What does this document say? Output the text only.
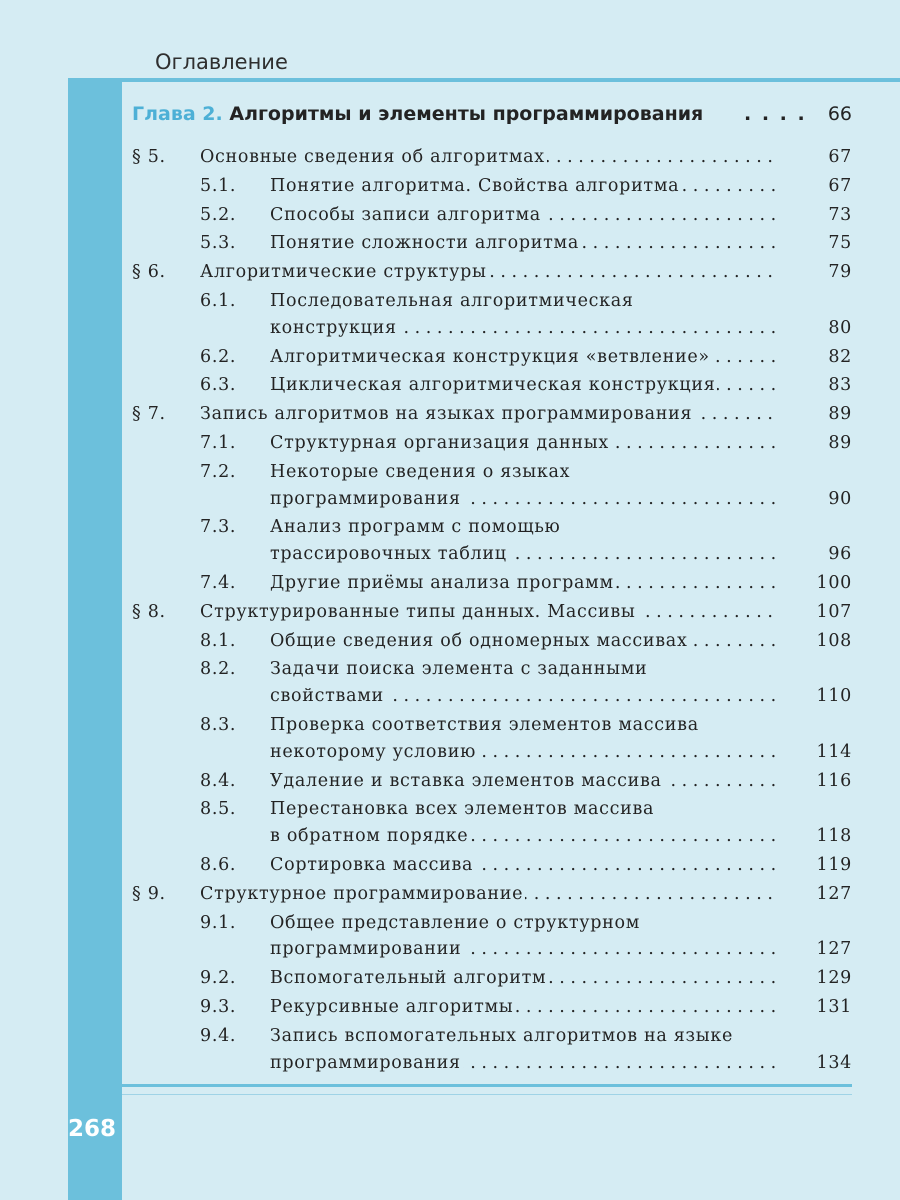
Оглавление
Глава 2. Алгоритмы и элементы программирования . . . . 66
§ 5. Основные сведения об алгоритмах . . .	67
5.1. Понятие алгоритма. Свойства алгоритма . . .	67
5.2. Способы записи алгоритма . . .	73
5.3. Понятие сложности алгоритма . . .	75
§ 6. Алгоритмические структуры . . .	79
6.1. Последовательная алгоритмическая
конструкция . . .	80
6.2. Алгоритмическая конструкция «ветвление» . . .	82
6.3. Циклическая алгоритмическая конструкция . . .	83
§ 7. Запись алгоритмов на языках программирования . . .	89
7.1. Структурная организация данных . . .	89
7.2. Некоторые сведения о языках
программирования . . .	90
7.3. Анализ программ с помощью
трассировочных таблиц . . .	96
7.4. Другие приёмы анализа программ . . .	100
§ 8. Структурированные типы данных. Массивы . . .	107
8.1. Общие сведения об одномерных массивах . . .	108
8.2. Задачи поиска элемента с заданными
свойствами . . .	110
8.3. Проверка соответствия элементов массива
некоторому условию . . .	114
8.4. Удаление и вставка элементов массива . . .	116
8.5. Перестановка всех элементов массива
в обратном порядке . . .	118
8.6. Сортировка массива . . .	119
§ 9. Структурное программирование . . .	127
9.1. Общее представление о структурном
программировании . . .	127
9.2. Вспомогательный алгоритм . . .	129
9.3. Рекурсивные алгоритмы . . .	131
9.4. Запись вспомогательных алгоритмов на языке
программирования . . .	134
268
